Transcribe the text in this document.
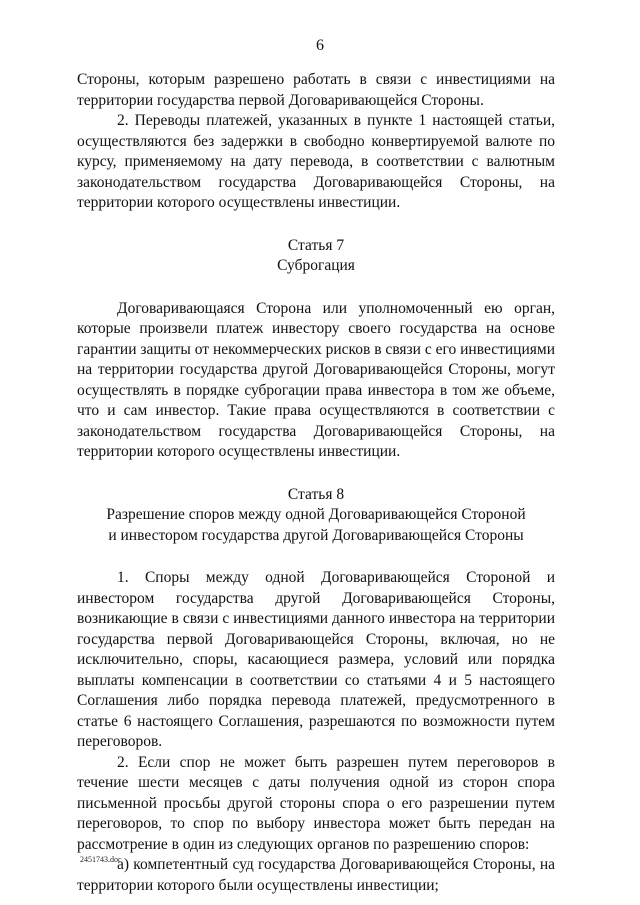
6

Стороны, которым разрешено работать в связи с инвестициями на территории государства первой Договаривающейся Стороны.

2. Переводы платежей, указанных в пункте 1 настоящей статьи, осуществляются без задержки в свободно конвертируемой валюте по курсу, применяемому на дату перевода, в соответствии с валютным законодательством государства Договаривающейся Стороны, на территории которого осуществлены инвестиции.

Статья 7

Суброгация

Договаривающаяся Сторона или уполномоченный ею орган, которые произвели платеж инвестору своего государства на основе гарантии защиты от некоммерческих рисков в связи с его инвестициями на территории государства другой Договаривающейся Стороны, могут осуществлять в порядке суброгации права инвестора в том же объеме, что и сам инвестор. Такие права осуществляются в соответствии с законодательством государства Договаривающейся Стороны, на территории которого осуществлены инвестиции.

Статья 8

Разрешение споров между одной Договаривающейся Стороной

и инвестором государства другой Договаривающейся Стороны

1. Споры между одной Договаривающейся Стороной и инвестором государства другой Договаривающейся Стороны, возникающие в связи с инвестициями данного инвестора на территории государства первой Договаривающейся Стороны, включая, но не исключительно, споры, касающиеся размера, условий или порядка выплаты компенсации в соответствии со статьями 4 и 5 настоящего Соглашения либо порядка перевода платежей, предусмотренного в статье 6 настоящего Соглашения, разрешаются по возможности путем переговоров.

2. Если спор не может быть разрешен путем переговоров в течение шести месяцев с даты получения одной из сторон спора письменной просьбы другой стороны спора о его разрешении путем переговоров, то спор по выбору инвестора может быть передан на рассмотрение в один из следующих органов по разрешению споров:

а) компетентный суд государства Договаривающейся Стороны, на территории которого были осуществлены инвестиции;

2451743.doc
